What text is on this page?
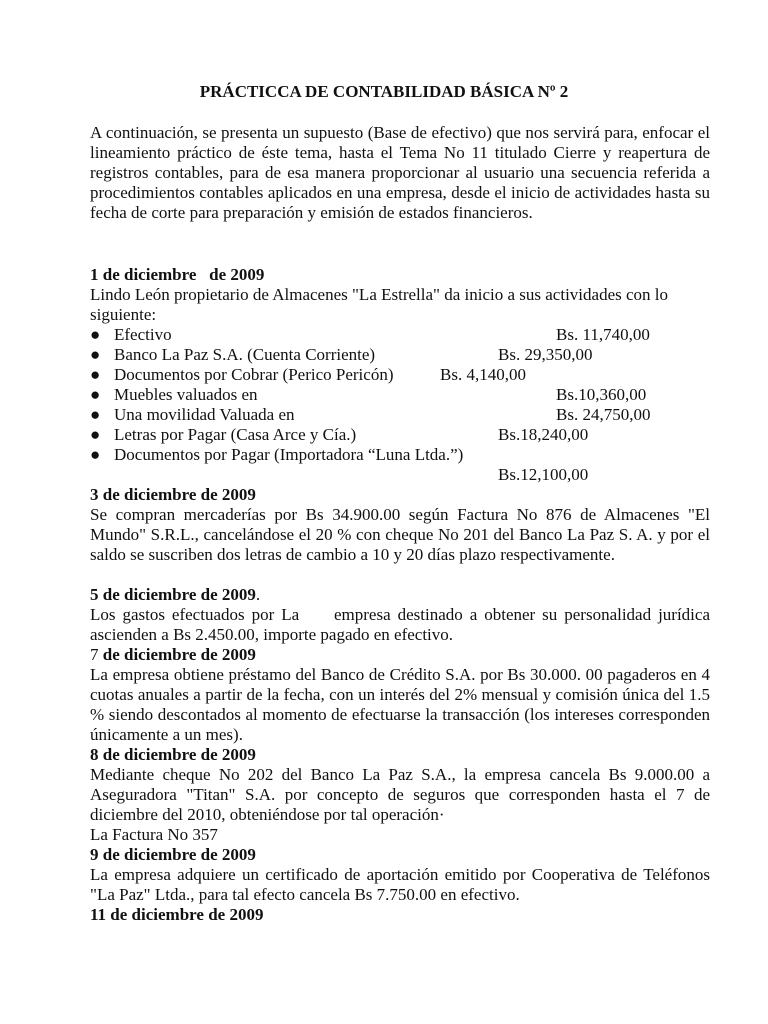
PRÁCTICCA DE CONTABILIDAD BÁSICA Nº 2
A continuación, se presenta un supuesto (Base de efectivo) que nos servirá para, enfocar el lineamiento práctico de éste tema, hasta el Tema No 11 titulado Cierre y reapertura de registros contables, para de esa manera proporcionar al usuario una secuencia referida a procedimientos contables aplicados en una empresa, desde el inicio de actividades hasta su fecha de corte para preparación y emisión de estados financieros.
1 de diciembre   de 2009
Lindo León propietario de Almacenes "La Estrella" da inicio a sus actividades con lo siguiente:
● Efectivo	Bs. 11,740,00
● Banco La Paz S.A. (Cuenta Corriente)	Bs. 29,350,00
● Documentos por Cobrar (Perico Pericón)	Bs. 4,140,00
● Muebles valuados en	Bs.10,360,00
● Una movilidad Valuada en	Bs. 24,750,00
● Letras por Pagar (Casa Arce y Cía.)	Bs.18,240,00
● Documentos por Pagar (Importadora “Luna Ltda.”)
Bs.12,100,00
3 de diciembre de 2009
Se compran mercaderías por Bs 34.900.00 según Factura No 876 de Almacenes "El Mundo" S.R.L., cancelándose el 20 % con cheque No 201 del Banco La Paz S. A. y por el saldo se suscriben dos letras de cambio a 10 y 20 días plazo respectivamente.
5 de diciembre de 2009.
Los gastos efectuados por La     empresa destinado a obtener su personalidad jurídica ascienden a Bs 2.450.00, importe pagado en efectivo.
7 de diciembre de 2009
La empresa obtiene préstamo del Banco de Crédito S.A. por Bs 30.000. 00 pagaderos en 4 cuotas anuales a partir de la fecha, con un interés del 2% mensual y comisión única del 1.5 % siendo descontados al momento de efectuarse la transacción (los intereses corresponden únicamente a un mes).
8 de diciembre de 2009
Mediante cheque No 202 del Banco La Paz S.A., la empresa cancela Bs 9.000.00 a Aseguradora "Titan" S.A. por concepto de seguros que corresponden hasta el 7 de diciembre del 2010, obteniéndose por tal operación·
La Factura No 357
9 de diciembre de 2009
La empresa adquiere un certificado de aportación emitido por Cooperativa de Teléfonos "La Paz" Ltda., para tal efecto cancela Bs 7.750.00 en efectivo.
11 de diciembre de 2009
